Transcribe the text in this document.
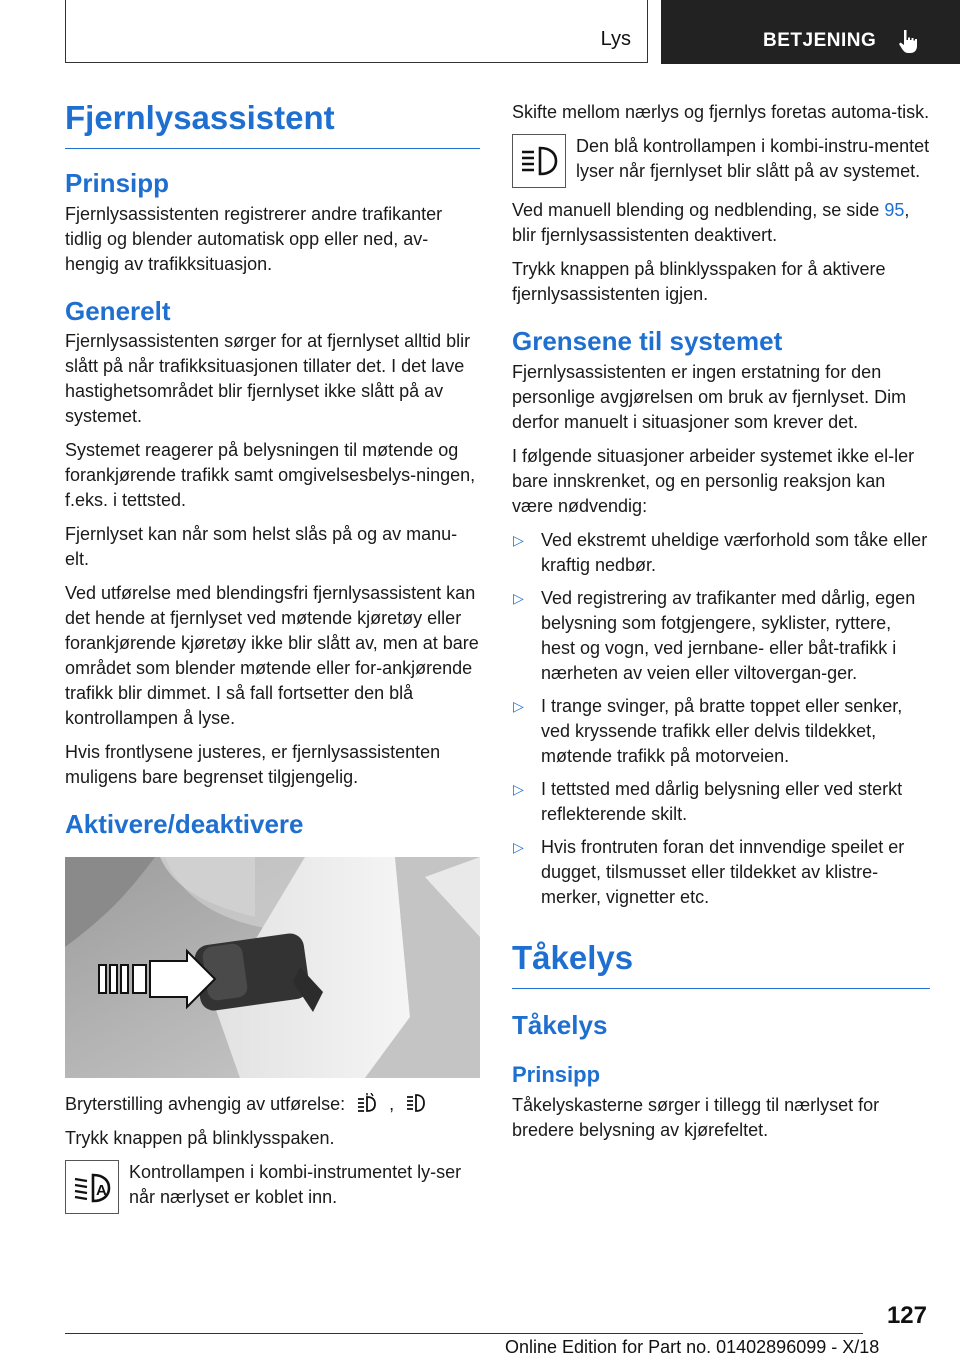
Lys	BETJENING
Fjernlysassistent
Prinsipp

Fjernlysassistenten registrerer andre trafikanter tidlig og blender automatisk opp eller ned, av-hengig av trafikksituasjon.

Generelt

Fjernlysassistenten sørger for at fjernlyset alltid blir slått på når trafikksituasjonen tillater det. I det lave hastighetsområdet blir fjernlyset ikke slått på av systemet.

Systemet reagerer på belysningen til møtende og forankjørende trafikk samt omgivelsesbelys-ningen, f.eks. i tettsted.

Fjernlyset kan når som helst slås på og av manu-elt.

Ved utførelse med blendingsfri fjernlysassistent kan det hende at fjernlyset ved møtende kjøretøy eller forankjørende kjøretøy ikke blir slått av, men at bare området som blender møtende eller for-ankjørende trafikk blir dimmet. I så fall fortsetter den blå kontrollampen å lyse.

Hvis frontlysene justeres, er fjernlysassistenten muligens bare begrenset tilgjengelig.

Aktivere/deaktivere

Bryterstilling avhengig av utførelse: ,

Trykk knappen på blinklysspaken.

A

Kontrollampen i kombi-instrumentet ly-ser når nærlyset er koblet inn.

Skifte mellom nærlys og fjernlys foretas automa-tisk.

Den blå kontrollampen i kombi-instru-mentet lyser når fjernlyset blir slått på av systemet.

Ved manuell blending og nedblending, se side 95, blir fjernlysassistenten deaktivert.

Trykk knappen på blinklysspaken for å aktivere fjernlysassistenten igjen.

Grensene til systemet

Fjernlysassistenten er ingen erstatning for den personlige avgjørelsen om bruk av fjernlyset. Dim derfor manuelt i situasjoner som krever det.

I følgende situasjoner arbeider systemet ikke el-ler bare innskrenket, og en personlig reaksjon kan være nødvendig:

▷ Ved ekstremt uheldige værforhold som tåke eller kraftig nedbør.
▷ Ved registrering av trafikanter med dårlig, egen belysning som fotgjengere, syklister, ryttere, hest og vogn, ved jernbane- eller båt-trafikk i nærheten av veien eller viltovergan-ger.
▷ I trange svinger, på bratte toppet eller senker, ved kryssende trafikk eller delvis tildekket, møtende trafikk på motorveien.
▷ I tettsted med dårlig belysning eller ved sterkt reflekterende skilt.
▷ Hvis frontruten foran det innvendige speilet er dugget, tilsmusset eller tildekket av klistre-merker, vignetter etc.
Tåkelys
Tåkelys
Prinsipp

Tåkelyskasterne sørger i tillegg til nærlyset for bredere belysning av kjørefeltet.

127
Online Edition for Part no. 01402896099 - X/18
